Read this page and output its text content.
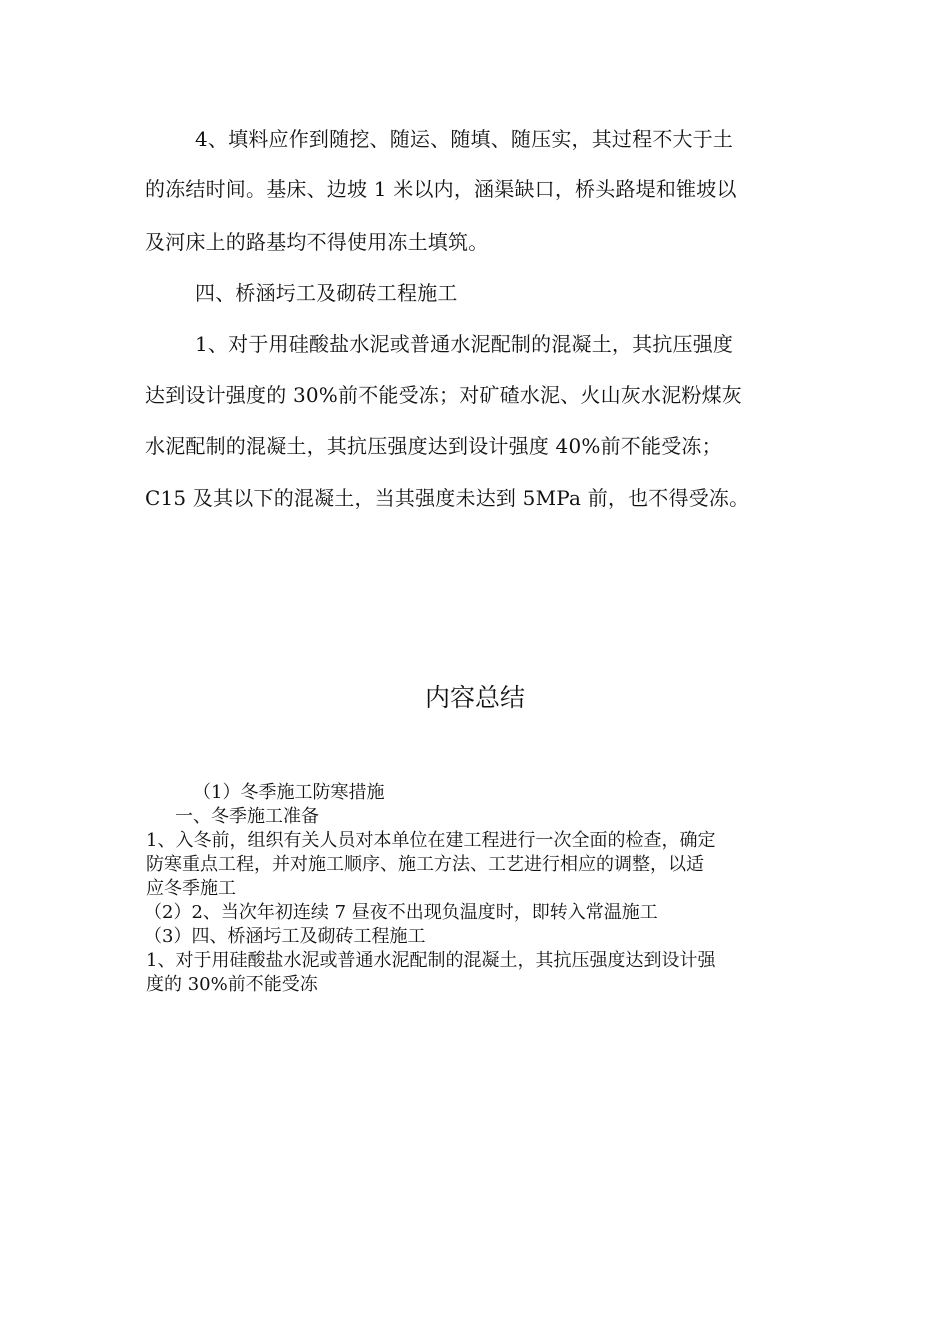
4、填料应作到随挖、随运、随填、随压实，其过程不大于土
的冻结时间。基床、边坡 1 米以内，涵渠缺口，桥头路堤和锥坡以
及河床上的路基均不得使用冻土填筑。
四、桥涵圬工及砌砖工程施工
1、对于用硅酸盐水泥或普通水泥配制的混凝土，其抗压强度
达到设计强度的 30%前不能受冻；对矿碴水泥、火山灰水泥粉煤灰
水泥配制的混凝土，其抗压强度达到设计强度 40%前不能受冻；
C15 及其以下的混凝土，当其强度未达到 5MPa 前，也不得受冻。
内容总结
（1）冬季施工防寒措施
一、冬季施工准备
1、入冬前，组织有关人员对本单位在建工程进行一次全面的检查，确定
防寒重点工程，并对施工顺序、施工方法、工艺进行相应的调整，以适
应冬季施工
（2）2、当次年初连续 7 昼夜不出现负温度时，即转入常温施工
（3）四、桥涵圬工及砌砖工程施工
1、对于用硅酸盐水泥或普通水泥配制的混凝土，其抗压强度达到设计强
度的 30%前不能受冻
